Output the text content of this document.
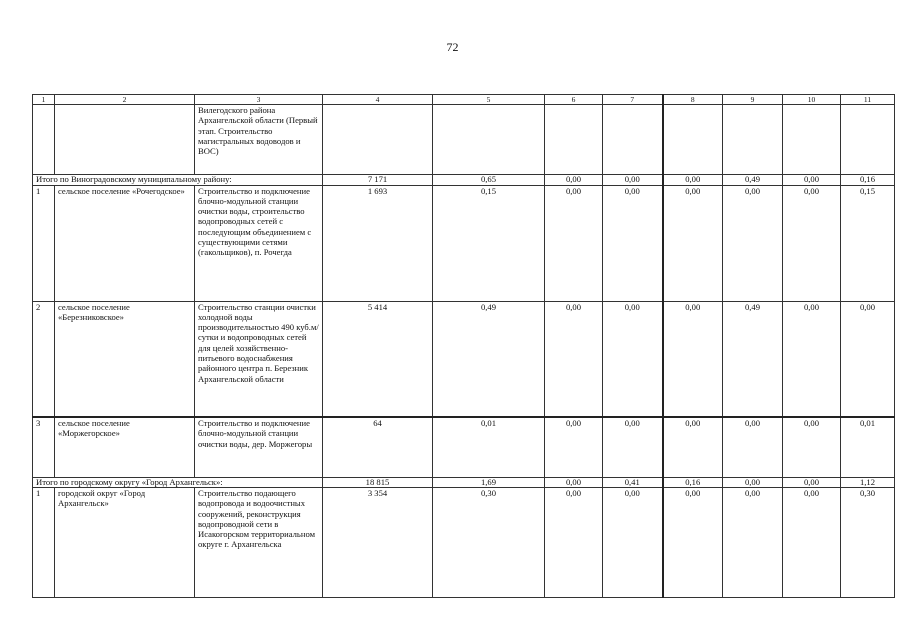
72
1	2	3	4	5	6	7	8	9	10	11
		Вилегодского района Архангельской области (Первый этап. Строительство магистральных водоводов и ВОС)								
Итого по Виноградовскому муниципальному району:			7 171	0,65	0,00	0,00	0,00	0,49	0,00	0,16
1	сельское поселение «Рочегодское»	Строительство и подключение блочно-модульной станции очистки воды, строительство водопроводных сетей с последующим объединением с существующими сетями (гакольщиков), п. Рочегда	1 693	0,15	0,00	0,00	0,00	0,00	0,00	0,15
2	сельское поселение «Березниковское»	Строительство станции очистки холодной воды производительностью 490 куб.м/сутки и водопроводных сетей для целей хозяйственно-питьевого водоснабжения районного центра п. Березник Архангельской области	5 414	0,49	0,00	0,00	0,00	0,49	0,00	0,00
3	сельское поселение «Моржегорское»	Строительство и подключение блочно-модульной станции очистки воды, дер. Моржегоры	64	0,01	0,00	0,00	0,00	0,00	0,00	0,01
Итого по городскому округу «Город Архангельск»:			18 815	1,69	0,00	0,41	0,16	0,00	0,00	1,12
1	городской округ «Город Архангельск»	Строительство подающего водопровода и водоочистных сооружений, реконструкция водопроводной сети в Исакогорском территориальном округе г. Архангельска	3 354	0,30	0,00	0,00	0,00	0,00	0,00	0,30
